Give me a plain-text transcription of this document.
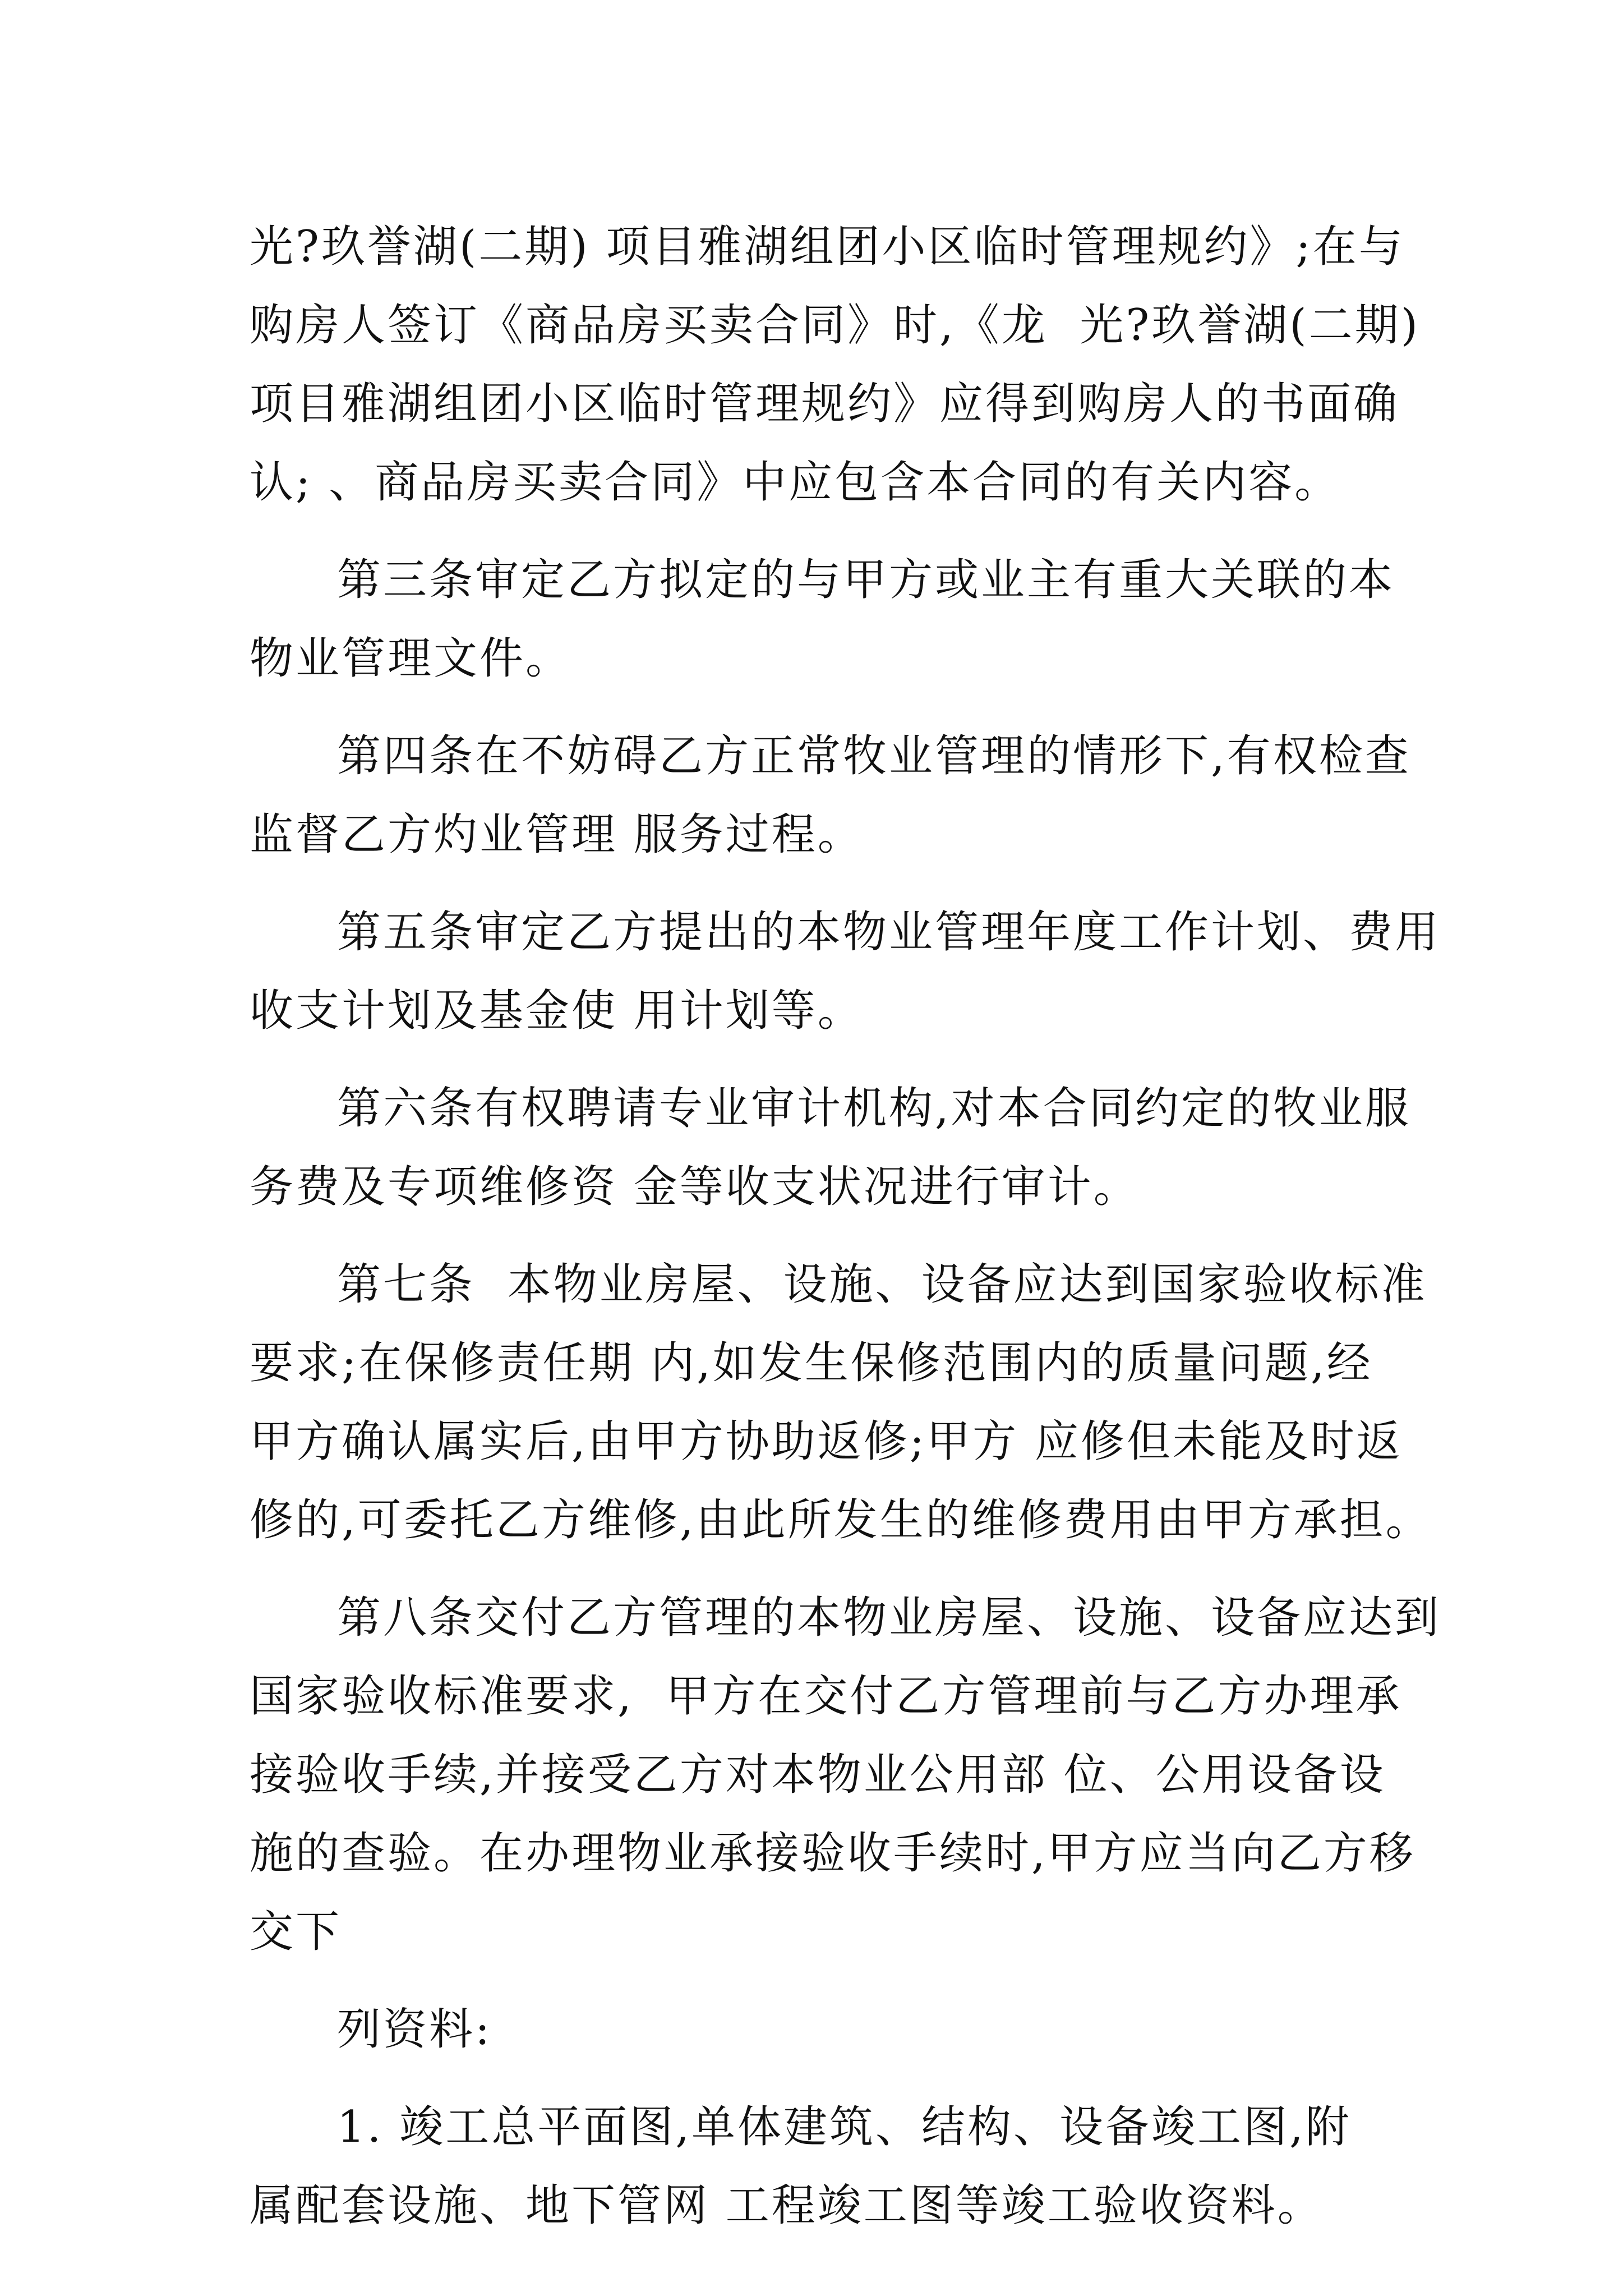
光?玖誉湖(二期) 项目雅湖组团小区临时管理规约》;在与
购房人签订《商品房买卖合同》时,《龙  光?玖誉湖(二期)
项目雅湖组团小区临时管理规约》应得到购房人的书面确
认; 、商品房买卖合同》中应包含本合同的有关内容。
第三条审定乙方拟定的与甲方或业主有重大关联的本
物业管理文件。
第四条在不妨碍乙方正常牧业管理的情形下,有权检查
监督乙方灼业管理 服务过程。
第五条审定乙方提出的本物业管理年度工作计划、费用
收支计划及基金使 用计划等。
第六条有权聘请专业审计机构,对本合同约定的牧业服
务费及专项维修资 金等收支状况进行审计。
第七条  本物业房屋、设施、设备应达到国家验收标准
要求;在保修责任期 内,如发生保修范围内的质量问题,经
甲方确认属实后,由甲方协助返修;甲方 应修但未能及时返
修的,可委托乙方维修,由此所发生的维修费用由甲方承担。
第八条交付乙方管理的本物业房屋、设施、设备应达到
国家验收标准要求,  甲方在交付乙方管理前与乙方办理承
接验收手续,并接受乙方对本物业公用部 位、公用设备设
施的查验。在办理物业承接验收手续时,甲方应当向乙方移
交下
列资料:
1. 竣工总平面图,单体建筑、结构、设备竣工图,附
属配套设施、地下管网 工程竣工图等竣工验收资料。
